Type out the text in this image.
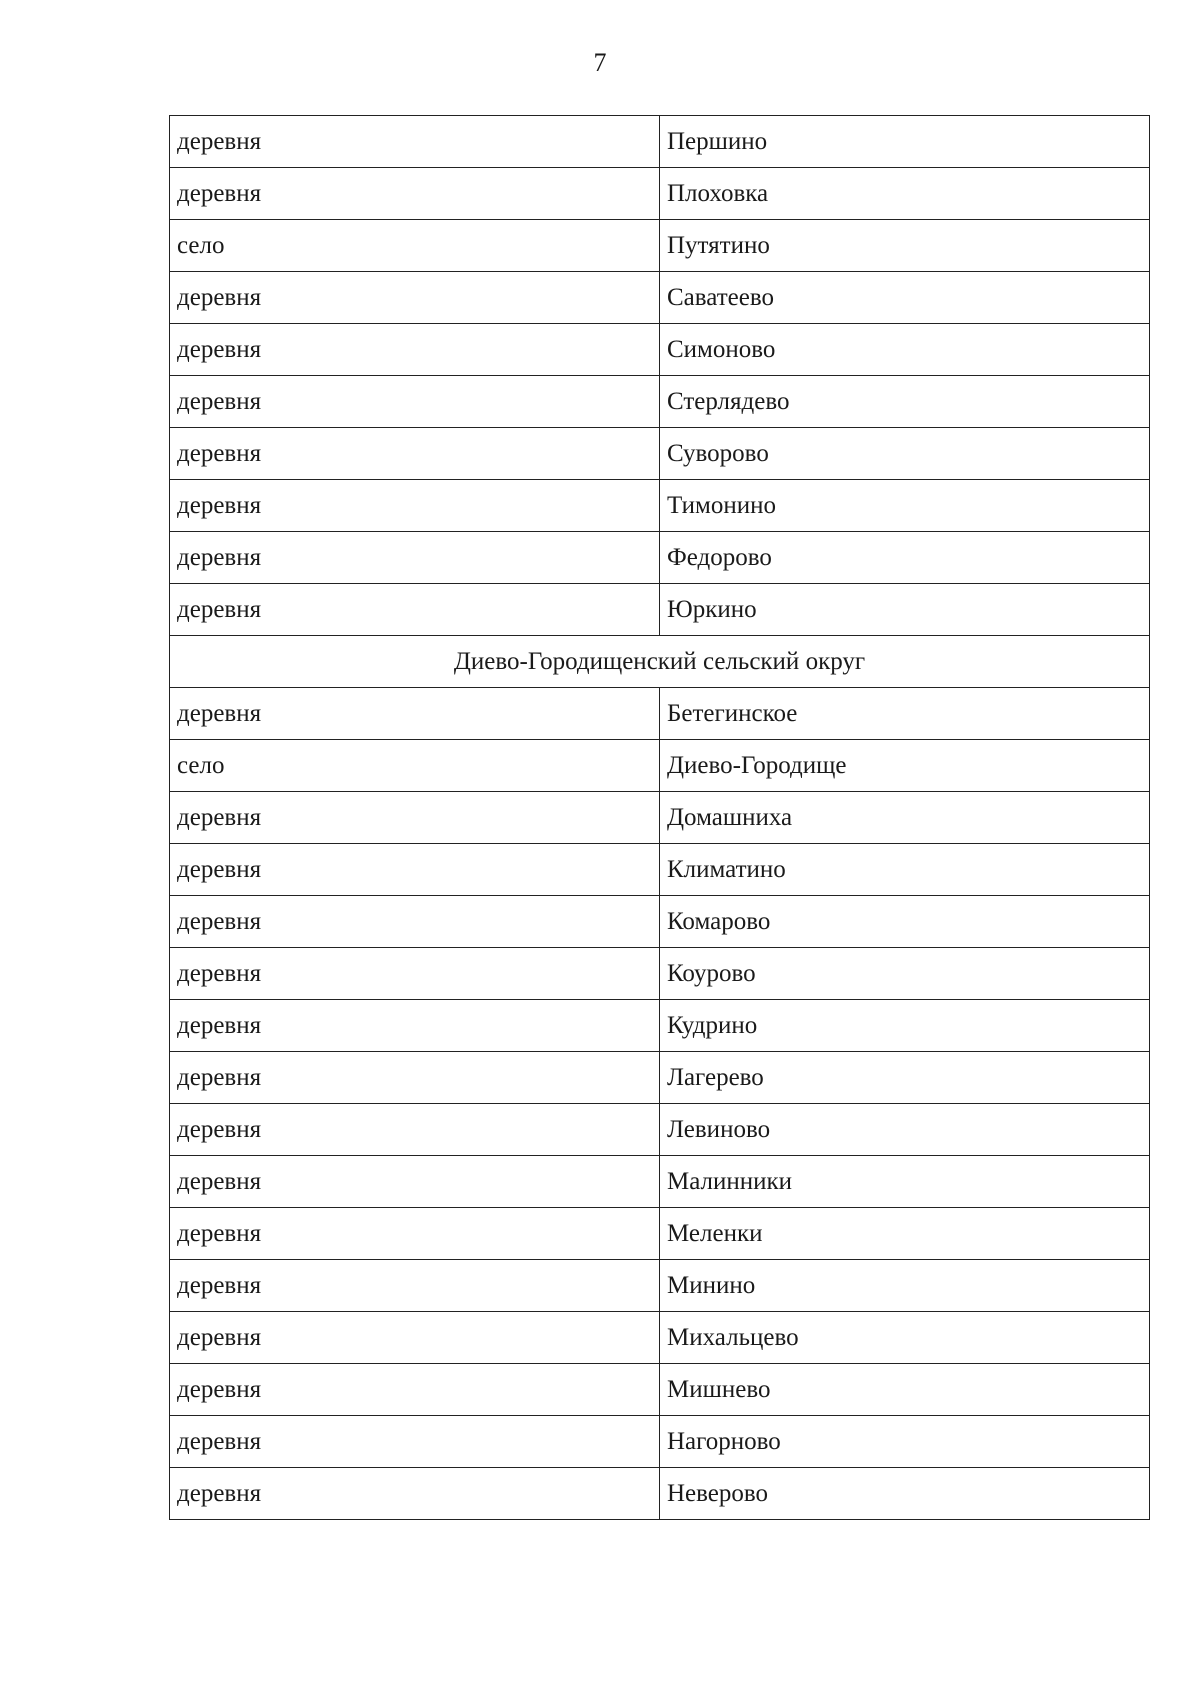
7
деревня	Першино
деревня	Плоховка
село	Путятино
деревня	Саватеево
деревня	Симоново
деревня	Стерлядево
деревня	Суворово
деревня	Тимонино
деревня	Федорово
деревня	Юркино
Диево-Городищенский сельский округ	
деревня	Бетегинское
село	Диево-Городище
деревня	Домашниха
деревня	Климатино
деревня	Комарово
деревня	Коурово
деревня	Кудрино
деревня	Лагерево
деревня	Левиново
деревня	Малинники
деревня	Меленки
деревня	Минино
деревня	Михальцево
деревня	Мишнево
деревня	Нагорново
деревня	Неверово
